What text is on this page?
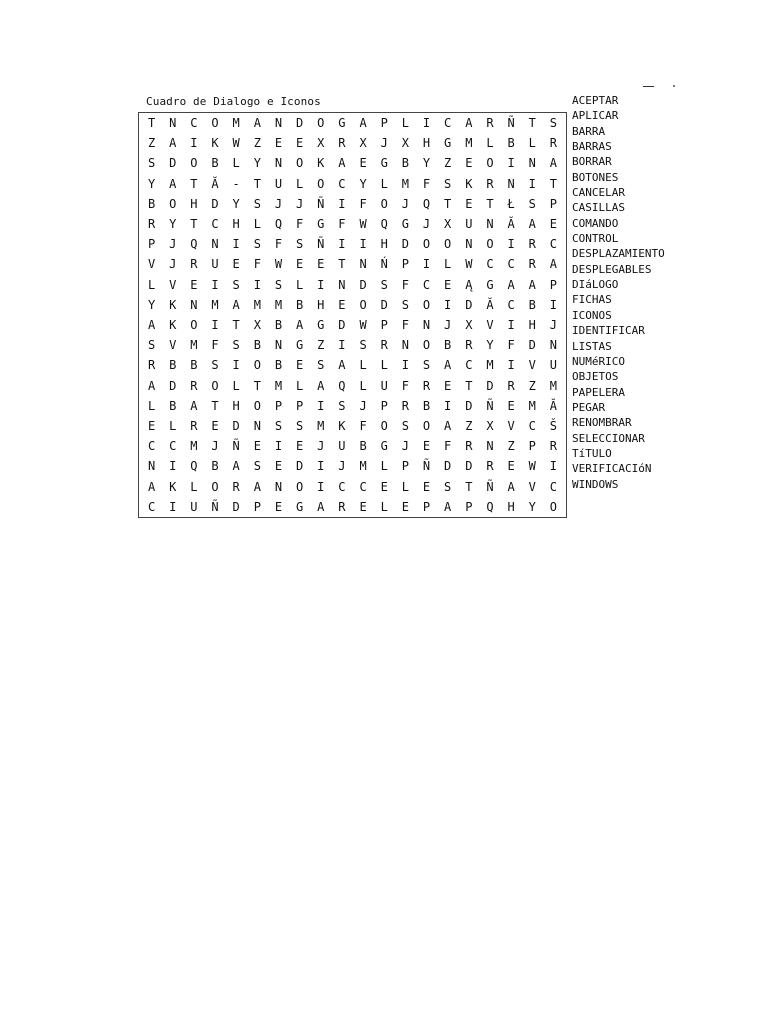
Cuadro de Dialogo e Iconos
T	N	C	O	M	A	N	D	O	G	A	P	L	I	C	A	R	Ñ	T	S
Z	A	I	K	W	Z	E	E	X	R	X	J	X	H	G	M	L	B	L	R
S	D	O	B	L	Y	N	O	K	A	E	G	B	Y	Z	E	O	I	N	A
Y	A	T	Ă	-	T	U	L	O	C	Y	L	M	F	S	K	R	N	I	T
B	O	H	D	Y	S	J	J	Ñ	I	F	O	J	Q	T	E	T	Ł	S	P
R	Y	T	C	H	L	Q	F	G	F	W	Q	G	J	X	U	N	Ă	A	E
P	J	Q	N	I	S	F	S	Ñ	I	I	H	D	O	O	N	O	I	R	C
V	J	R	U	E	F	W	E	E	T	N	Ń	P	I	L	W	C	C	R	A
L	V	E	I	S	I	S	L	I	N	D	S	F	C	E	Ą	G	A	A	P
Y	K	N	M	A	M	M	B	H	E	O	D	S	O	I	D	Ă	C	B	I
A	K	O	I	T	X	B	A	G	D	W	P	F	N	J	X	V	I	H	J
S	V	M	F	S	B	N	G	Z	I	S	R	N	O	B	R	Y	F	D	N
R	B	B	S	I	O	B	E	S	A	L	L	I	S	A	C	M	I	V	U
A	D	R	O	L	T	M	L	A	Q	L	U	F	R	E	T	D	R	Z	M
L	B	A	T	H	O	P	P	I	S	J	P	R	B	I	D	Ñ	E	M	Ă
E	L	R	E	D	N	S	S	M	K	F	O	S	O	A	Z	X	V	C	Š
C	C	M	J	Ñ	E	I	E	J	U	B	G	J	E	F	R	N	Z	P	R
N	I	Q	B	A	S	E	D	I	J	M	L	P	Ñ	D	D	R	E	W	I
A	K	L	O	R	A	N	O	I	C	C	E	L	E	S	T	Ñ	A	V	C
C	I	U	Ñ	D	P	E	G	A	R	E	L	E	P	A	P	Q	H	Y	O
ACEPTAR
APLICAR
BARRA
BARRAS
BORRAR
BOTONES
CANCELAR
CASILLAS
COMANDO
CONTROL
DESPLAZAMIENTO
DESPLEGABLES
DIáLOGO
FICHAS
ICONOS
IDENTIFICAR
LISTAS
NUMéRICO
OBJETOS
PAPELERA
PEGAR
RENOMBRAR
SELECCIONAR
TíTULO
VERIFICACIóN
WINDOWS
